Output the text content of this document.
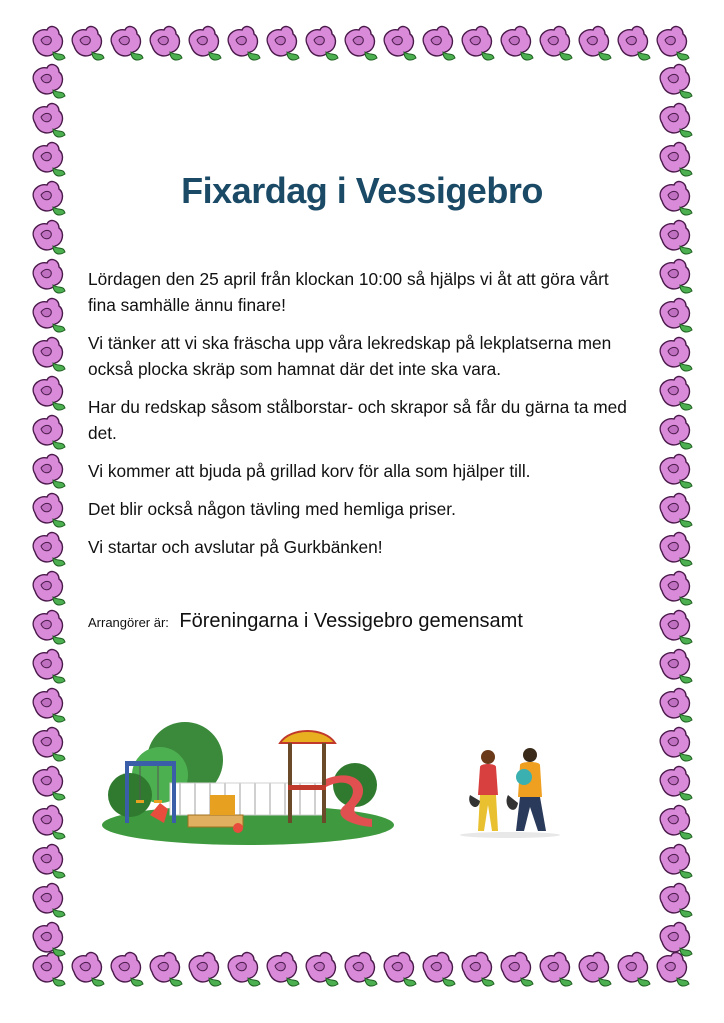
Fixardag i Vessigebro

Lördagen den 25 april från klockan 10:00 så hjälps vi åt att göra vårt fina samhälle ännu finare!

Vi tänker att vi ska fräscha upp våra lekredskap på lekplatserna men också plocka skräp som hamnat där det inte ska vara.

Har du redskap såsom stålborstar- och skrapor så får du gärna ta med det.

Vi kommer att bjuda på grillad korv för alla som hjälper till.

Det blir också någon tävling med hemliga priser.

Vi startar och avslutar på Gurkbänken!

Arrangörer är: Föreningarna i Vessigebro gemensamt
